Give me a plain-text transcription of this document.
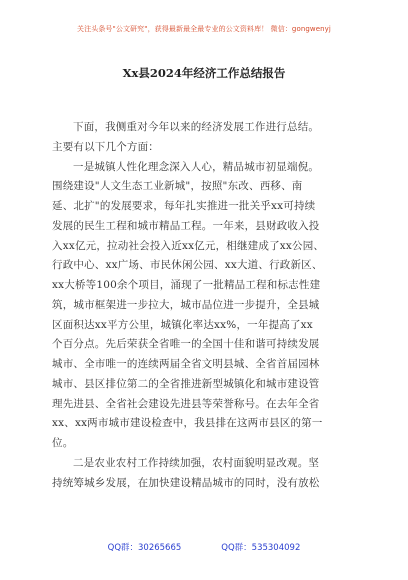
关注头条号"公文研究"，获得最新最全最专业的公文资料库！ 微信：gongwenyj
Xx县2024年经济工作总结报告
下面，我侧重对今年以来的经济发展工作进行总结。
主要有以下几个方面：
一是城镇人性化理念深入人心，精品城市初显端倪。
围绕建设"人文生态工业新城"，按照"东改、西移、南
延、北扩"的发展要求，每年扎实推进一批关乎xx可持续
发展的民生工程和城市精品工程。一年来，县财政收入投
入xx亿元，拉动社会投入近xx亿元，相继建成了xx公园、
行政中心、xx广场、市民休闲公园、xx大道、行政新区、
xx大桥等100余个项目，涌现了一批精品工程和标志性建
筑，城市框架进一步拉大，城市品位进一步提升，全县城
区面积达xx平方公里，城镇化率达xx%，一年提高了xx
个百分点。先后荣获全省唯一的全国十佳和谐可持续发展
城市、全市唯一的连续两届全省文明县城、全省首届园林
城市、县区排位第二的全省推进新型城镇化和城市建设管
理先进县、全省社会建设先进县等荣誉称号。在去年全省
xx、xx两市城市建设检查中，我县排在这两市县区的第一
位。
二是农业农村工作持续加强，农村面貌明显改观。坚
持统筹城乡发展，在加快建设精品城市的同时，没有放松
QQ群：30265665	QQ群：535304092
